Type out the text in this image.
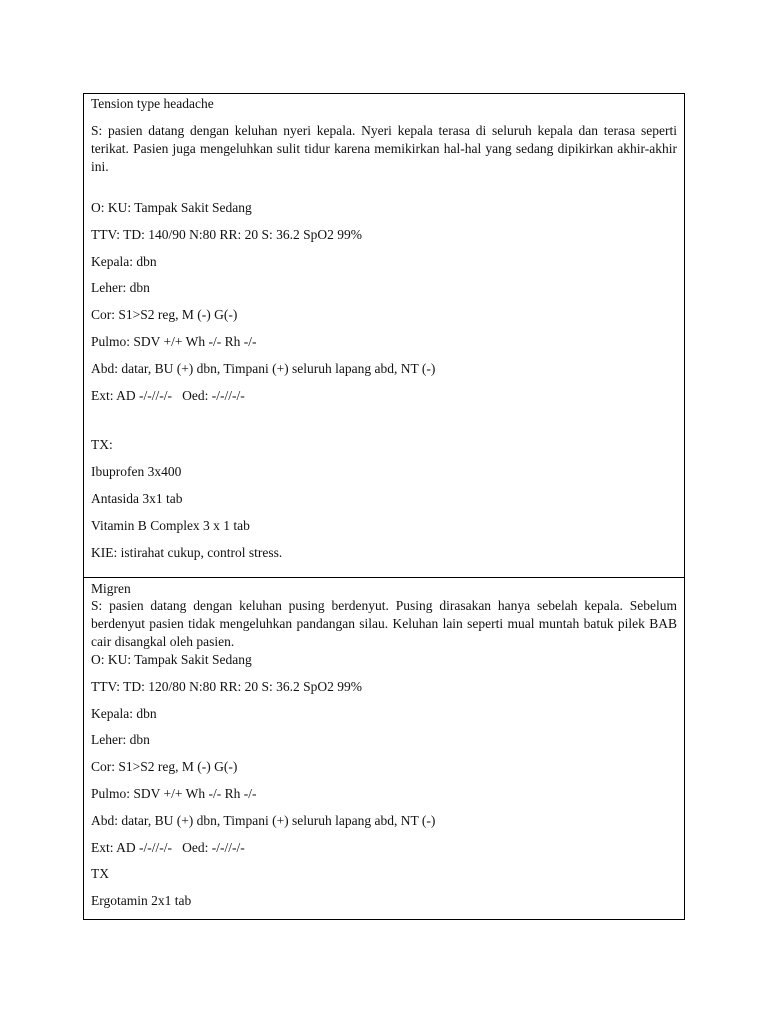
Tension type headache
S: pasien datang dengan keluhan nyeri kepala. Nyeri kepala terasa di seluruh kepala dan terasa seperti terikat. Pasien juga mengeluhkan sulit tidur karena memikirkan hal-hal yang sedang dipikirkan akhir-akhir ini.
O: KU: Tampak Sakit Sedang
TTV: TD: 140/90 N:80 RR: 20 S: 36.2 SpO2 99%
Kepala: dbn
Leher: dbn
Cor: S1>S2 reg, M (-) G(-)
Pulmo: SDV +/+ Wh -/- Rh -/-
Abd: datar, BU (+) dbn, Timpani (+) seluruh lapang abd, NT (-)
Ext: AD -/-//-/-   Oed: -/-//-/-
TX:
Ibuprofen 3x400
Antasida 3x1 tab
Vitamin B Complex 3 x 1 tab
KIE: istirahat cukup, control stress.

Migren
S: pasien datang dengan keluhan pusing berdenyut. Pusing dirasakan hanya sebelah kepala. Sebelum berdenyut pasien tidak mengeluhkan pandangan silau. Keluhan lain seperti mual muntah batuk pilek BAB cair disangkal oleh pasien.
O: KU: Tampak Sakit Sedang
TTV: TD: 120/80 N:80 RR: 20 S: 36.2 SpO2 99%
Kepala: dbn
Leher: dbn
Cor: S1>S2 reg, M (-) G(-)
Pulmo: SDV +/+ Wh -/- Rh -/-
Abd: datar, BU (+) dbn, Timpani (+) seluruh lapang abd, NT (-)
Ext: AD -/-//-/-   Oed: -/-//-/-
TX
Ergotamin 2x1 tab
